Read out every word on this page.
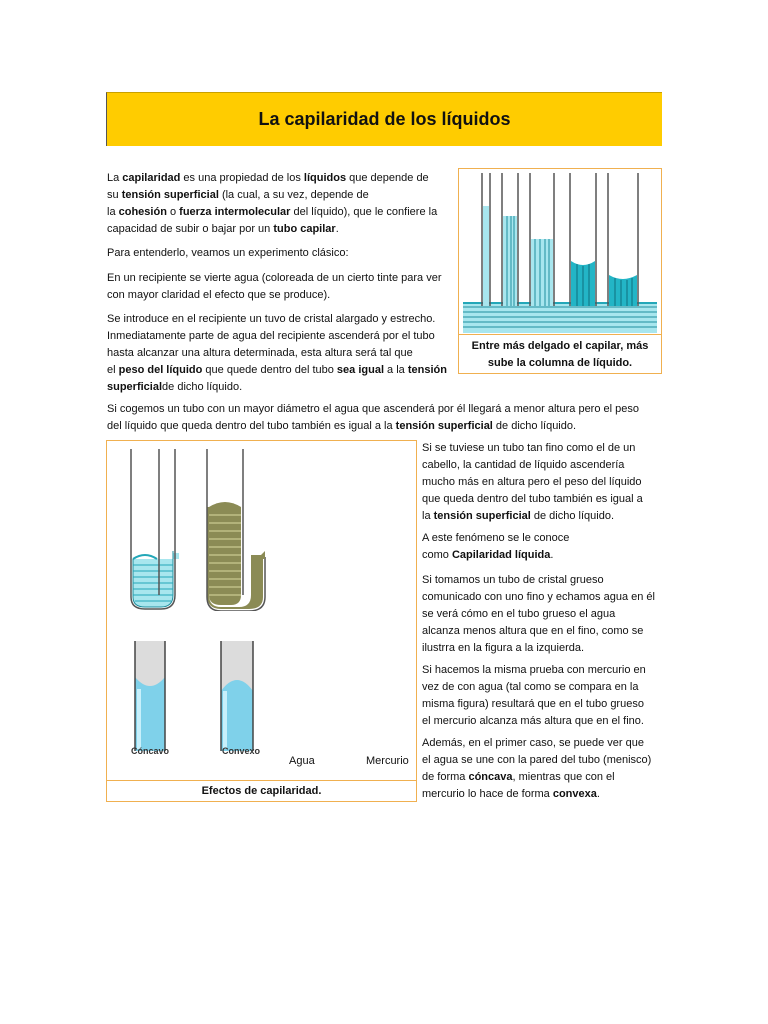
La capilaridad de los líquidos

La capilaridad es una propiedad de los líquidos que depende de

su tensión superficial (la cual, a su vez, depende de

la cohesión o fuerza intermolecular del líquido), que le confiere la

capacidad de subir o bajar por un tubo capilar.

Para entenderlo, veamos un experimento clásico:

En un recipiente se vierte agua (coloreada de un cierto tinte para ver

con mayor claridad el efecto que se produce).

Se introduce en el recipiente un tuvo de cristal alargado y estrecho.

Inmediatamente parte de agua del recipiente ascenderá por el tubo

hasta alcanzar una altura determinada, esta altura será tal que

el peso del líquido que quede dentro del tubo sea igual a la tensión

superficialde dicho líquido.

Entre más delgado el capilar, más
sube la columna de líquido.

Si cogemos un tubo con un mayor diámetro el agua que ascenderá por él llegará a menor altura pero el peso

del líquido que queda dentro del tubo también es igual a la tensión superficial de dicho líquido.

Cóncavo	Convexo
Agua	Mercurio
Efectos de capilaridad.

Si se tuviese un tubo tan fino como el de un

cabello, la cantidad de líquido ascendería

mucho más en altura pero el peso del líquido

que queda dentro del tubo también es igual a

la tensión superficial de dicho líquido.

A este fenómeno se le conoce

como Capilaridad líquida.

Si tomamos un tubo de cristal grueso

comunicado con uno fino y echamos agua en él

se verá cómo en el tubo grueso el agua

alcanza menos altura que en el fino, como se

ilustrra en la figura a la izquierda.

Si hacemos la misma prueba con mercurio en

vez de con agua (tal como se compara en la

misma figura) resultará que en el tubo grueso

el mercurio alcanza más altura que en el fino.

Además, en el primer caso, se puede ver que

el agua se une con la pared del tubo (menisco)

de forma cóncava, mientras que con el

mercurio lo hace de forma convexa.
